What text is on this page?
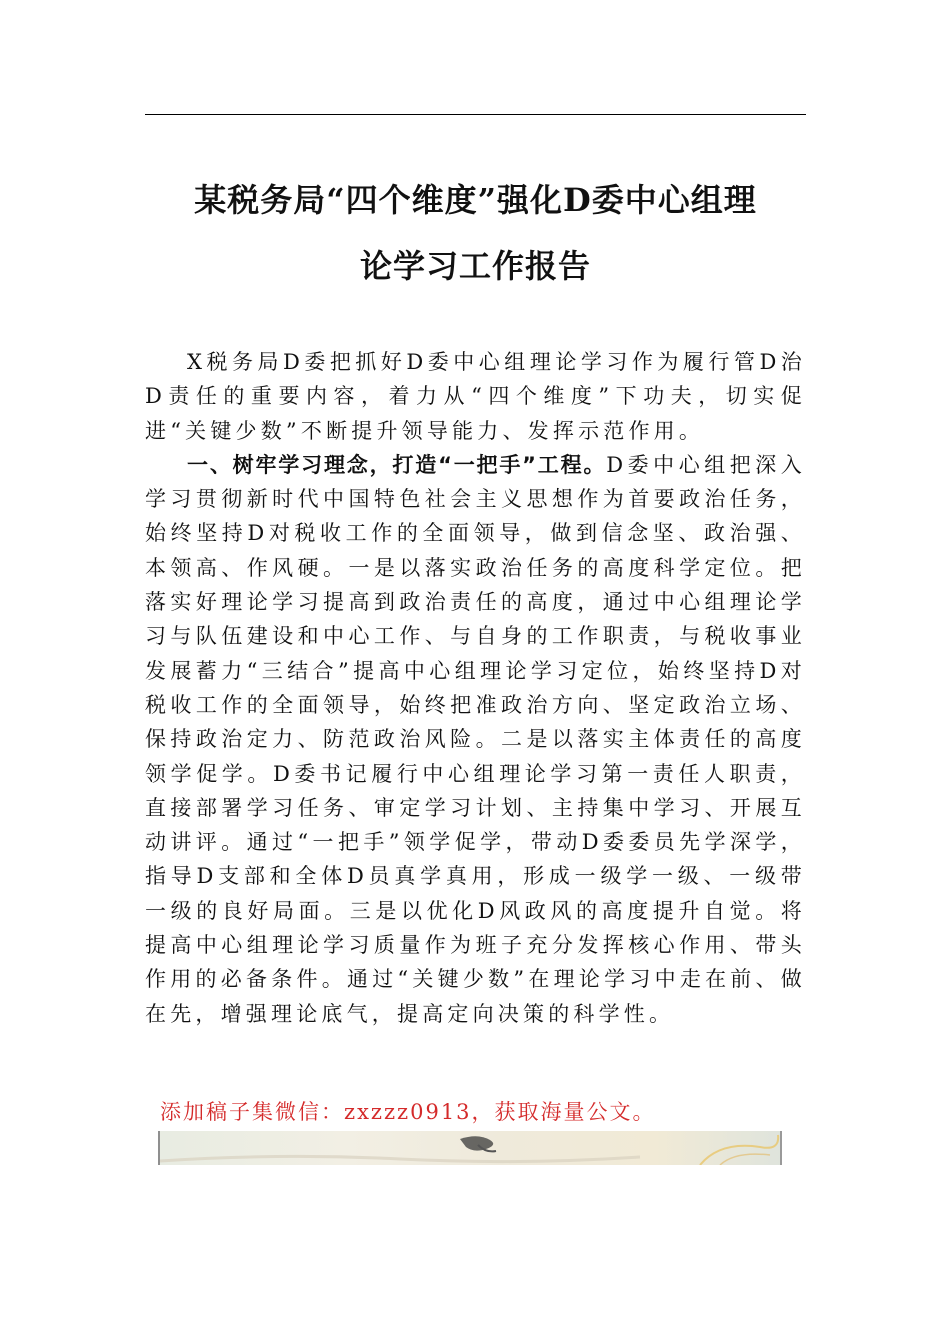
某税务局“四个维度”强化D委中心组理
论学习工作报告

X税务局D委把抓好D委中心组理论学习作为履行管D治D责任的重要内容，着力从“四个维度”下功夫，切实促进“关键少数”不断提升领导能力、发挥示范作用。

一、树牢学习理念，打造“一把手”工程。D委中心组把深入学习贯彻新时代中国特色社会主义思想作为首要政治任务，始终坚持D对税收工作的全面领导，做到信念坚、政治强、本领高、作风硬。一是以落实政治任务的高度科学定位。把落实好理论学习提高到政治责任的高度，通过中心组理论学习与队伍建设和中心工作、与自身的工作职责，与税收事业发展蓄力“三结合”提高中心组理论学习定位，始终坚持D对税收工作的全面领导，始终把准政治方向、坚定政治立场、保持政治定力、防范政治风险。二是以落实主体责任的高度领学促学。D委书记履行中心组理论学习第一责任人职责，直接部署学习任务、审定学习计划、主持集中学习、开展互动讲评。通过“一把手”领学促学，带动D委委员先学深学，指导D支部和全体D员真学真用，形成一级学一级、一级带一级的良好局面。三是以优化D风政风的高度提升自觉。将提高中心组理论学习质量作为班子充分发挥核心作用、带头作用的必备条件。通过“关键少数”在理论学习中走在前、做在先，增强理论底气，提高定向决策的科学性。

添加稿子集微信：zxzzz0913，获取海量公文。
